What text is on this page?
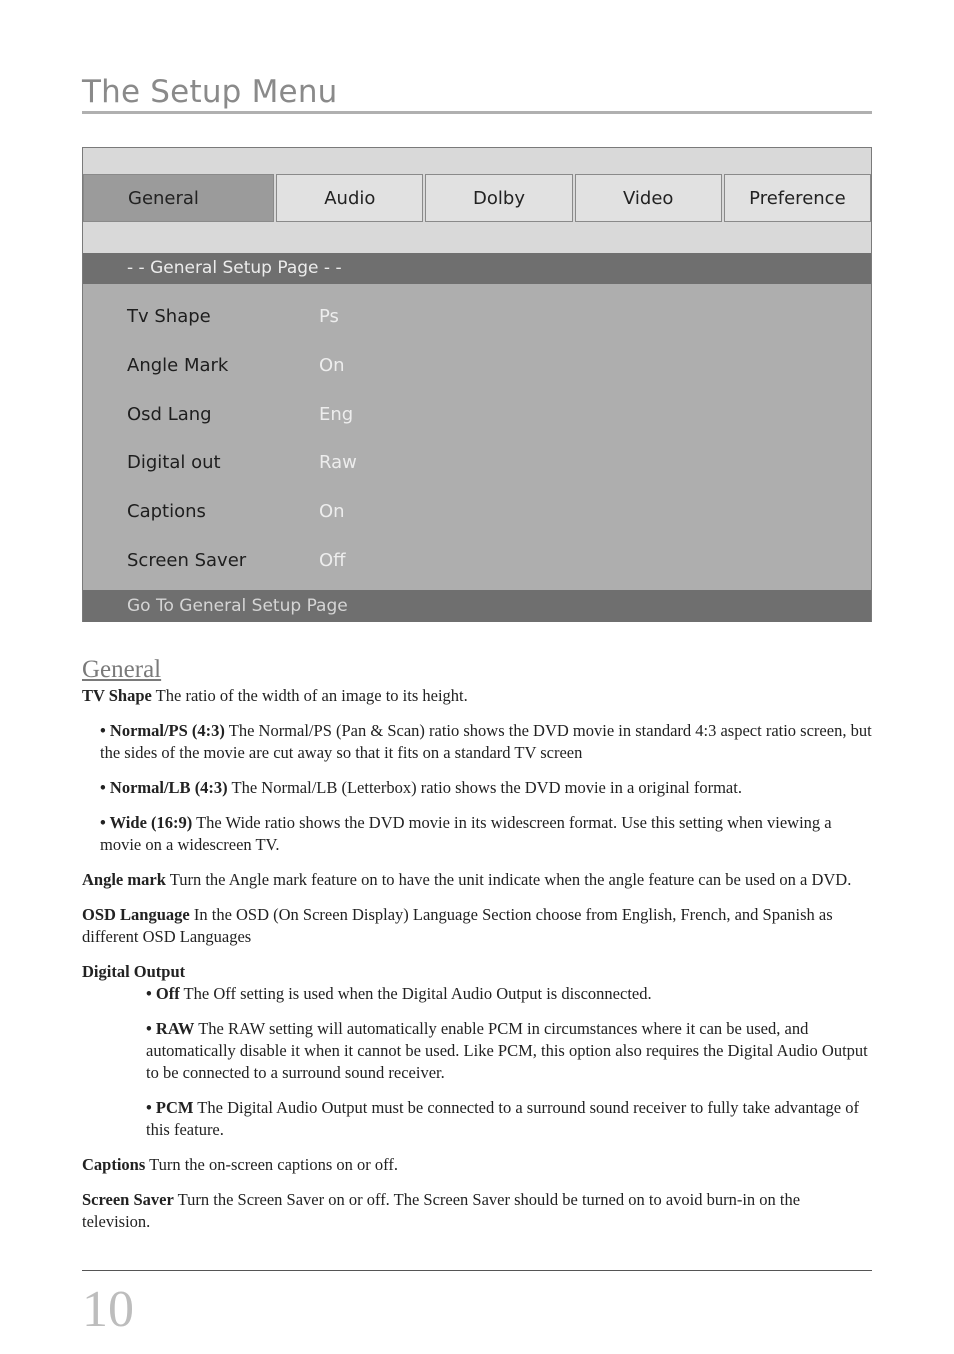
The Setup Menu
General	Audio	Dolby	Video	Preference
- - General Setup Page - -
Tv Shape	Ps
Angle Mark	On
Osd Lang	Eng
Digital out	Raw
Captions	On
Screen Saver	Off
Go To General Setup Page
General

TV Shape The ratio of the width of an image to its height.

• Normal/PS (4:3) The Normal/PS (Pan & Scan) ratio shows the DVD movie in standard 4:3 aspect ratio screen, but the sides of the movie are cut away so that it fits on a standard TV screen

• Normal/LB (4:3) The Normal/LB (Letterbox) ratio shows the DVD movie in a original format.

• Wide (16:9) The Wide ratio shows the DVD movie in its widescreen format. Use this setting when viewing a movie on a widescreen TV.

Angle mark Turn the Angle mark feature on to have the unit indicate when the angle feature can be used on a DVD.

OSD Language In the OSD (On Screen Display) Language Section choose from English, French, and Spanish as different OSD Languages

Digital Output

• Off The Off setting is used when the Digital Audio Output is disconnected.

• RAW The RAW setting will automatically enable PCM in circumstances where it can be used, and automatically disable it when it cannot be used. Like PCM, this option also requires the Digital Audio Output to be connected to a surround sound receiver.

• PCM The Digital Audio Output must be connected to a surround sound receiver to fully take advantage of this feature.

Captions Turn the on-screen captions on or off.

Screen Saver Turn the Screen Saver on or off. The Screen Saver should be turned on to avoid burn-in on the television.

10
